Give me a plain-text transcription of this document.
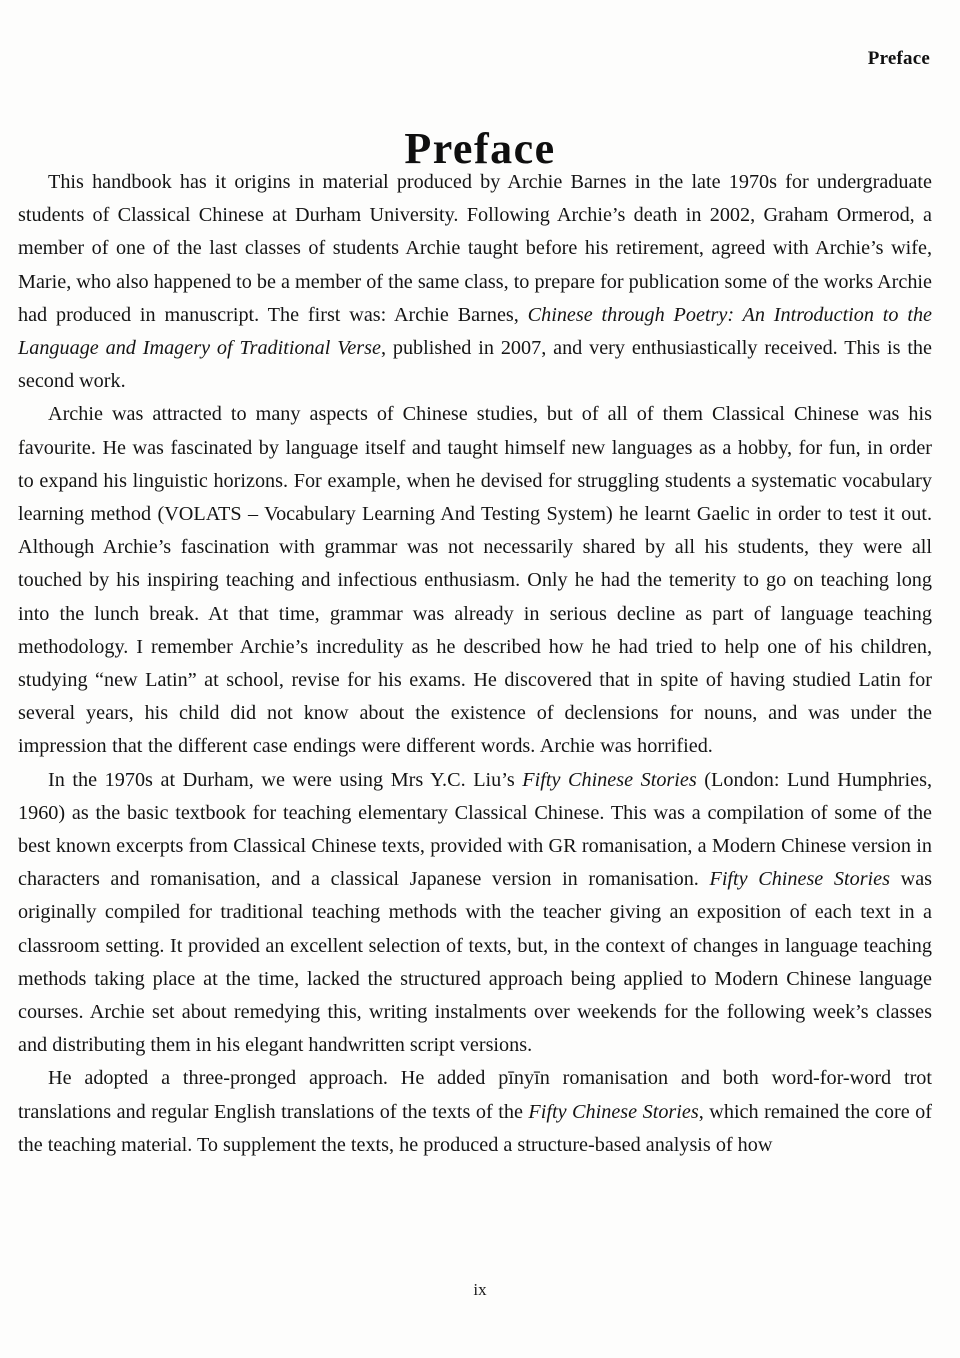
Preface
Preface

This handbook has it origins in material produced by Archie Barnes in the late 1970s for undergraduate students of Classical Chinese at Durham University. Following Archie’s death in 2002, Graham Ormerod, a member of one of the last classes of students Archie taught before his retirement, agreed with Archie’s wife, Marie, who also happened to be a member of the same class, to prepare for publication some of the works Archie had produced in manuscript. The first was: Archie Barnes, Chinese through Poetry: An Introduction to the Language and Imagery of Traditional Verse, published in 2007, and very enthusiastically received. This is the second work.

Archie was attracted to many aspects of Chinese studies, but of all of them Classical Chinese was his favourite. He was fascinated by language itself and taught himself new languages as a hobby, for fun, in order to expand his linguistic horizons. For example, when he devised for struggling students a systematic vocabulary learning method (VOLATS – Vocabulary Learning And Testing System) he learnt Gaelic in order to test it out. Although Archie’s fascination with grammar was not necessarily shared by all his students, they were all touched by his inspiring teaching and infectious enthusiasm. Only he had the temerity to go on teaching long into the lunch break. At that time, grammar was already in serious decline as part of language teaching methodology. I remember Archie’s incredulity as he described how he had tried to help one of his children, studying “new Latin” at school, revise for his exams. He discovered that in spite of having studied Latin for several years, his child did not know about the existence of declensions for nouns, and was under the impression that the different case endings were different words. Archie was horrified.

In the 1970s at Durham, we were using Mrs Y.C. Liu’s Fifty Chinese Stories (London: Lund Humphries, 1960) as the basic textbook for teaching elementary Classical Chinese. This was a compilation of some of the best known excerpts from Classical Chinese texts, provided with GR romanisation, a Modern Chinese version in characters and romanisation, and a classical Japanese version in romanisation. Fifty Chinese Stories was originally compiled for traditional teaching methods with the teacher giving an exposition of each text in a classroom setting. It provided an excellent selection of texts, but, in the context of changes in language teaching methods taking place at the time, lacked the structured approach being applied to Modern Chinese language courses. Archie set about remedying this, writing instalments over weekends for the following week’s classes and distributing them in his elegant handwritten script versions.

He adopted a three-pronged approach. He added pīnyīn romanisation and both word-for-word trot translations and regular English translations of the texts of the Fifty Chinese Stories, which remained the core of the teaching material. To supplement the texts, he produced a structure-based analysis of how

ix
